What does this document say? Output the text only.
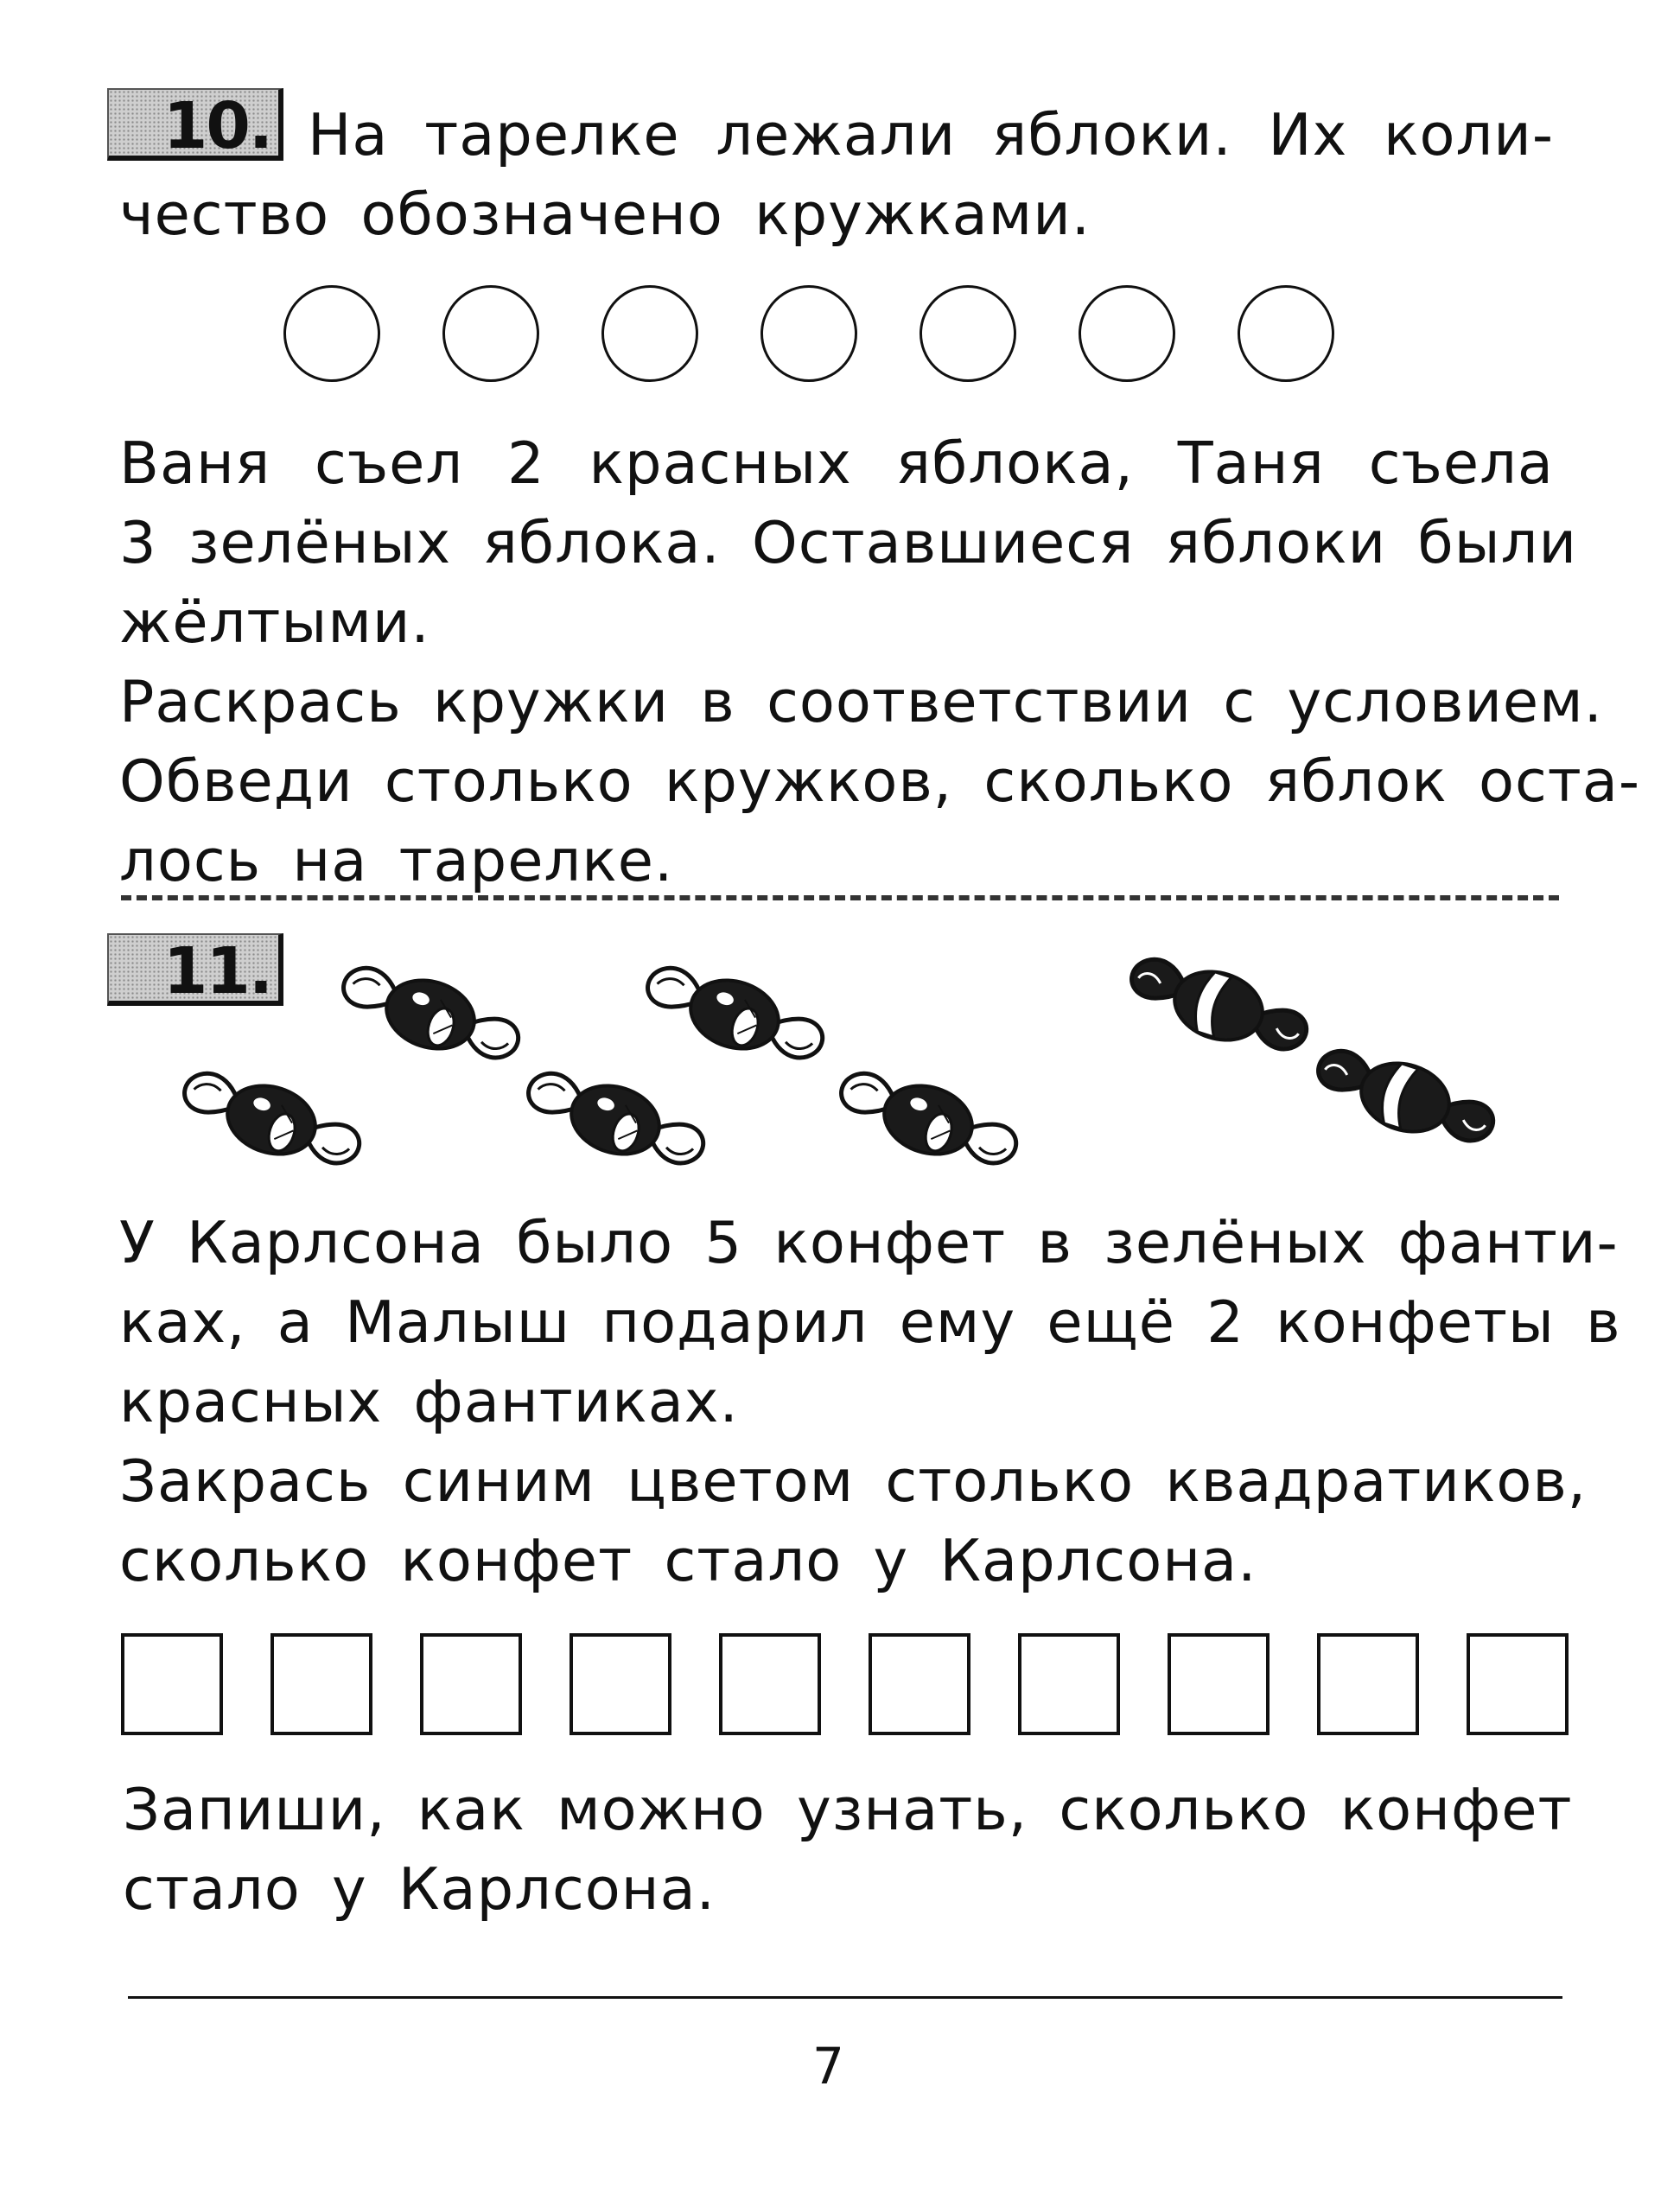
10. На тарелке лежали яблоки. Их коли-
чество обозначено кружками.
Ваня съел 2 красных яблока, Таня съела
3 зелёных яблока. Оставшиеся яблоки были
жёлтыми.
Раскрась кружки в соответствии с условием.
Обведи столько кружков, сколько яблок оста-
лось на тарелке.
11.
У Карлсона было 5 конфет в зелёных фанти-
ках, а Малыш подарил ему ещё 2 конфеты в
красных фантиках.
Закрась синим цветом столько квадратиков,
сколько конфет стало у Карлсона.
Запиши, как можно узнать, сколько конфет
стало у Карлсона.
7
